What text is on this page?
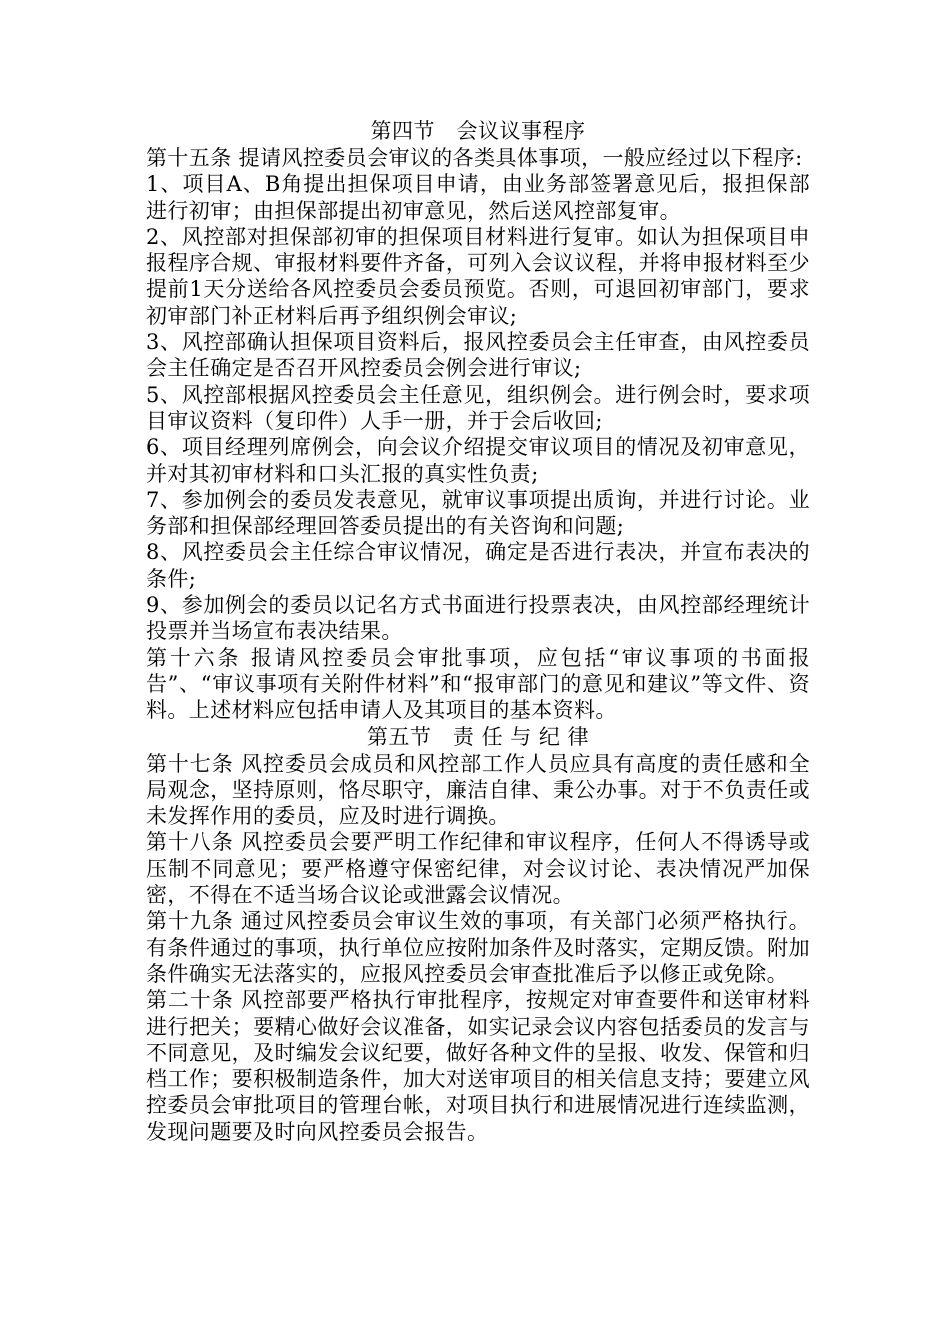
第四节　会议议事程序

第十五条 提请风控委员会审议的各类具体事项，一般应经过以下程序:

1、项目A、B角提出担保项目申请，由业务部签署意见后，报担保部进行初审；由担保部提出初审意见，然后送风控部复审。

2、风控部对担保部初审的担保项目材料进行复审。如认为担保项目申报程序合规、审报材料要件齐备，可列入会议议程，并将申报材料至少提前1天分送给各风控委员会委员预览。否则，可退回初审部门，要求初审部门补正材料后再予组织例会审议;

3、风控部确认担保项目资料后，报风控委员会主任审查，由风控委员会主任确定是否召开风控委员会例会进行审议;

5、风控部根据风控委员会主任意见，组织例会。进行例会时，要求项目审议资料（复印件）人手一册，并于会后收回;

6、项目经理列席例会，向会议介绍提交审议项目的情况及初审意见，并对其初审材料和口头汇报的真实性负责;

7、参加例会的委员发表意见，就审议事项提出质询，并进行讨论。业务部和担保部经理回答委员提出的有关咨询和问题;

8、风控委员会主任综合审议情况，确定是否进行表决，并宣布表决的条件;

9、参加例会的委员以记名方式书面进行投票表决，由风控部经理统计投票并当场宣布表决结果。

第十六条 报请风控委员会审批事项，应包括“审议事项的书面报告”、“审议事项有关附件材料”和“报审部门的意见和建议”等文件、资料。上述材料应包括申请人及其项目的基本资料。

第五节　责 任 与 纪 律

第十七条 风控委员会成员和风控部工作人员应具有高度的责任感和全局观念，坚持原则，恪尽职守，廉洁自律、秉公办事。对于不负责任或未发挥作用的委员，应及时进行调换。

第十八条 风控委员会要严明工作纪律和审议程序，任何人不得诱导或压制不同意见；要严格遵守保密纪律，对会议讨论、表决情况严加保密，不得在不适当场合议论或泄露会议情况。

第十九条 通过风控委员会审议生效的事项，有关部门必须严格执行。有条件通过的事项，执行单位应按附加条件及时落实，定期反馈。附加条件确实无法落实的，应报风控委员会审查批准后予以修正或免除。

第二十条 风控部要严格执行审批程序，按规定对审查要件和送审材料进行把关；要精心做好会议准备，如实记录会议内容包括委员的发言与不同意见，及时编发会议纪要，做好各种文件的呈报、收发、保管和归档工作；要积极制造条件，加大对送审项目的相关信息支持；要建立风控委员会审批项目的管理台帐，对项目执行和进展情况进行连续监测，发现问题要及时向风控委员会报告。
